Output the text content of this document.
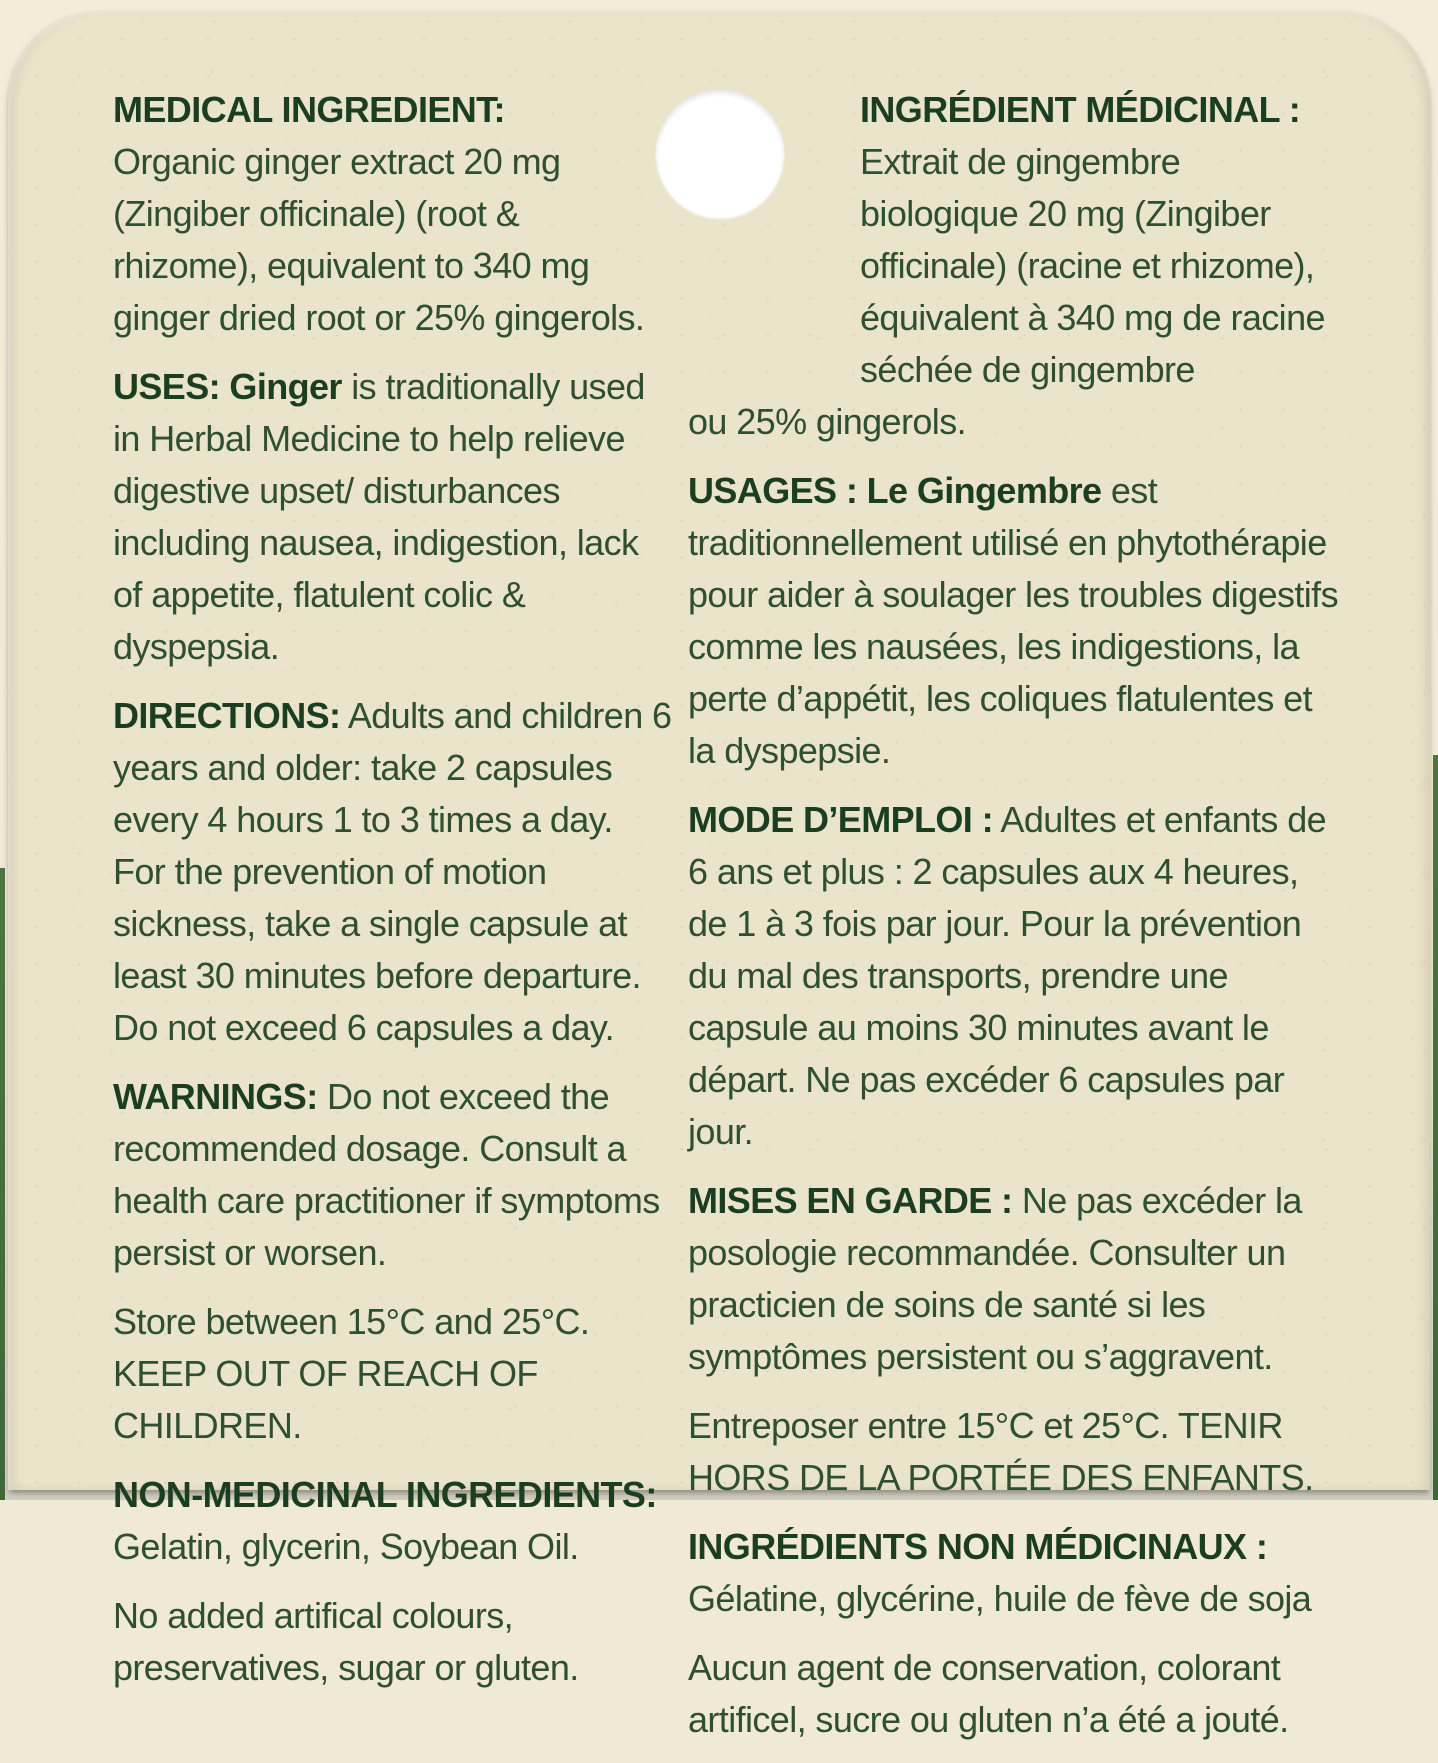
MEDICAL INGREDIENT:
Organic ginger extract 20 mg (Zingiber officinale) (root & rhizome), equivalent to 340 mg ginger dried root or 25% gingerols.

USES: Ginger is traditionally used in Herbal Medicine to help relieve digestive upset/ disturbances including nausea, indigestion, lack of appetite, flatulent colic & dyspepsia.

DIRECTIONS: Adults and children 6 years and older: take 2 capsules every 4 hours 1 to 3 times a day. For the prevention of motion sickness, take a single capsule at least 30 minutes before departure. Do not exceed 6 capsules a day.

WARNINGS: Do not exceed the recommended dosage. Consult a health care practitioner if symptoms persist or worsen.

Store between 15°C and 25°C. KEEP OUT OF REACH OF CHILDREN.

NON-MEDICINAL INGREDIENTS:
Gelatin, glycerin, Soybean Oil.

No added artifical colours, preservatives, sugar or gluten.

INGRÉDIENT MÉDICINAL :
Extrait de gingembre biologique 20 mg (Zingiber officinale) (racine et rhizome), équivalent à 340 mg de racine séchée de gingembre

ou 25% gingerols.

USAGES : Le Gingembre est traditionnellement utilisé en phytothérapie pour aider à soulager les troubles digestifs comme les nausées, les indigestions, la perte d’appétit, les coliques flatulentes et la dyspepsie.

MODE D’EMPLOI : Adultes et enfants de 6 ans et plus : 2 capsules aux 4 heures, de 1 à 3 fois par jour. Pour la prévention du mal des transports, prendre une capsule au moins 30 minutes avant le départ. Ne pas excéder 6 capsules par jour.

MISES EN GARDE : Ne pas excéder la posologie recommandée. Consulter un practicien de soins de santé si les symptômes persistent ou s’aggravent.

Entreposer entre 15°C et 25°C. TENIR HORS DE LA PORTÉE DES ENFANTS.

INGRÉDIENTS NON MÉDICINAUX : Gélatine, glycérine, huile de fève de soja

Aucun agent de conservation, colorant artificel, sucre ou gluten n’a été a jouté.
